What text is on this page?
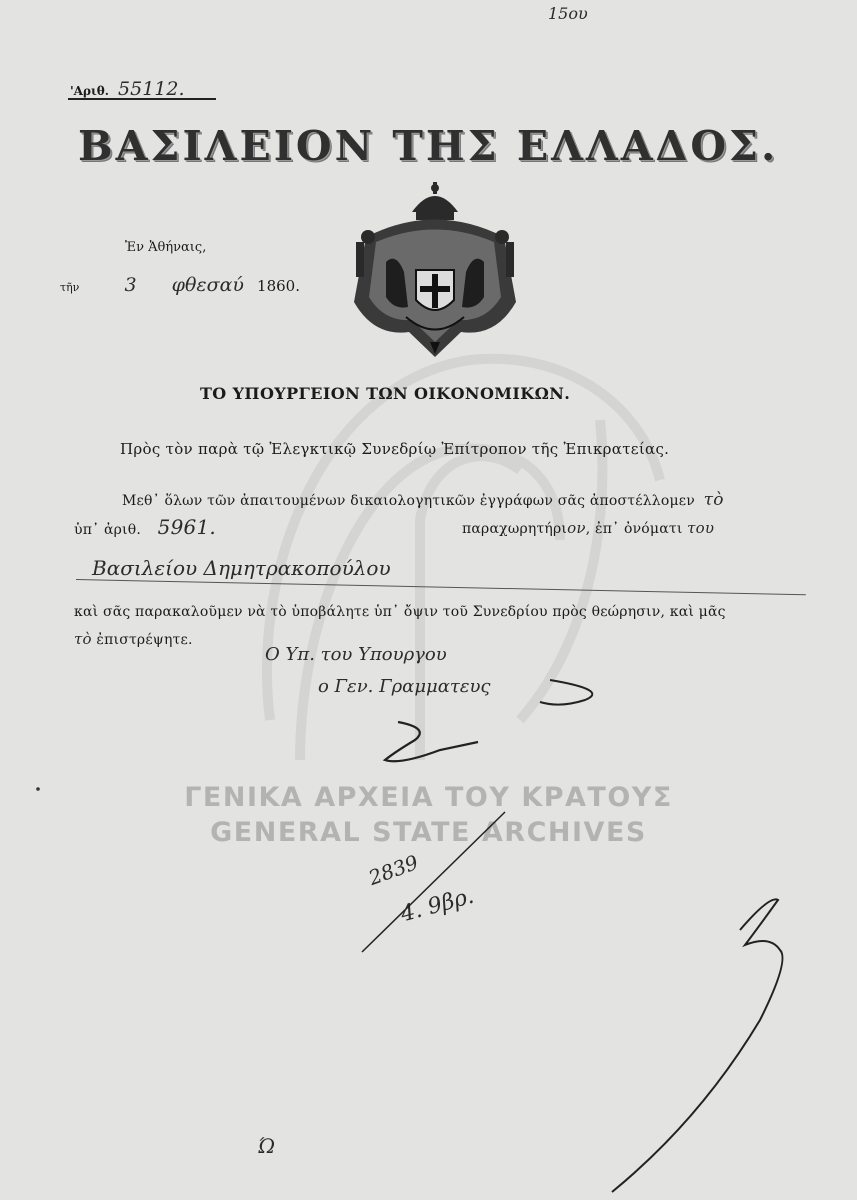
15ου
'Αριθ. 55112.
ΒΑΣΙΛΕΙΟΝ ΤΗΣ ΕΛΛΑΔΟΣ.
Ἐν Ἀθήναις,
τῆν 3 φθεσαύ 1860.
ΤΟ ΥΠΟΥΡΓΕΙΟΝ ΤΩΝ ΟΙΚΟΝΟΜΙΚΩΝ.
Πρὸς τὸν παρὰ τῷ Ἐλεγκτικῷ Συνεδρίῳ Ἐπίτροπον τῆς Ἐπικρατείας.
Μεθ᾽ ὅλων τῶν ἀπαιτουμένων δικαιολογητικῶν ἐγγράφων σᾶς ἀποστέλλομεν τὸ
ὑπ᾽ ἀριθ. 5961.	παραχωρητήριον, ἐπ᾽ ὀνόματι του
Βασιλείου Δημητρακοπούλου
καὶ σᾶς παρακαλοῦμεν νὰ τὸ ὑποβάλητε ὑπ᾽ ὄψιν τοῦ Συνεδρίου πρὸς θεώρησιν, καὶ μᾶς
τὸ ἐπιστρέψητε.
Ο Υπ. του Υπουργου
ο Γεν. Γραμματευς
ΓΕΝΙΚΑ ΑΡΧΕΙΑ ΤΟΥ ΚΡΑΤΟΥΣ
GENERAL STATE ARCHIVES
2839
4. 9βρ.
Ώ
